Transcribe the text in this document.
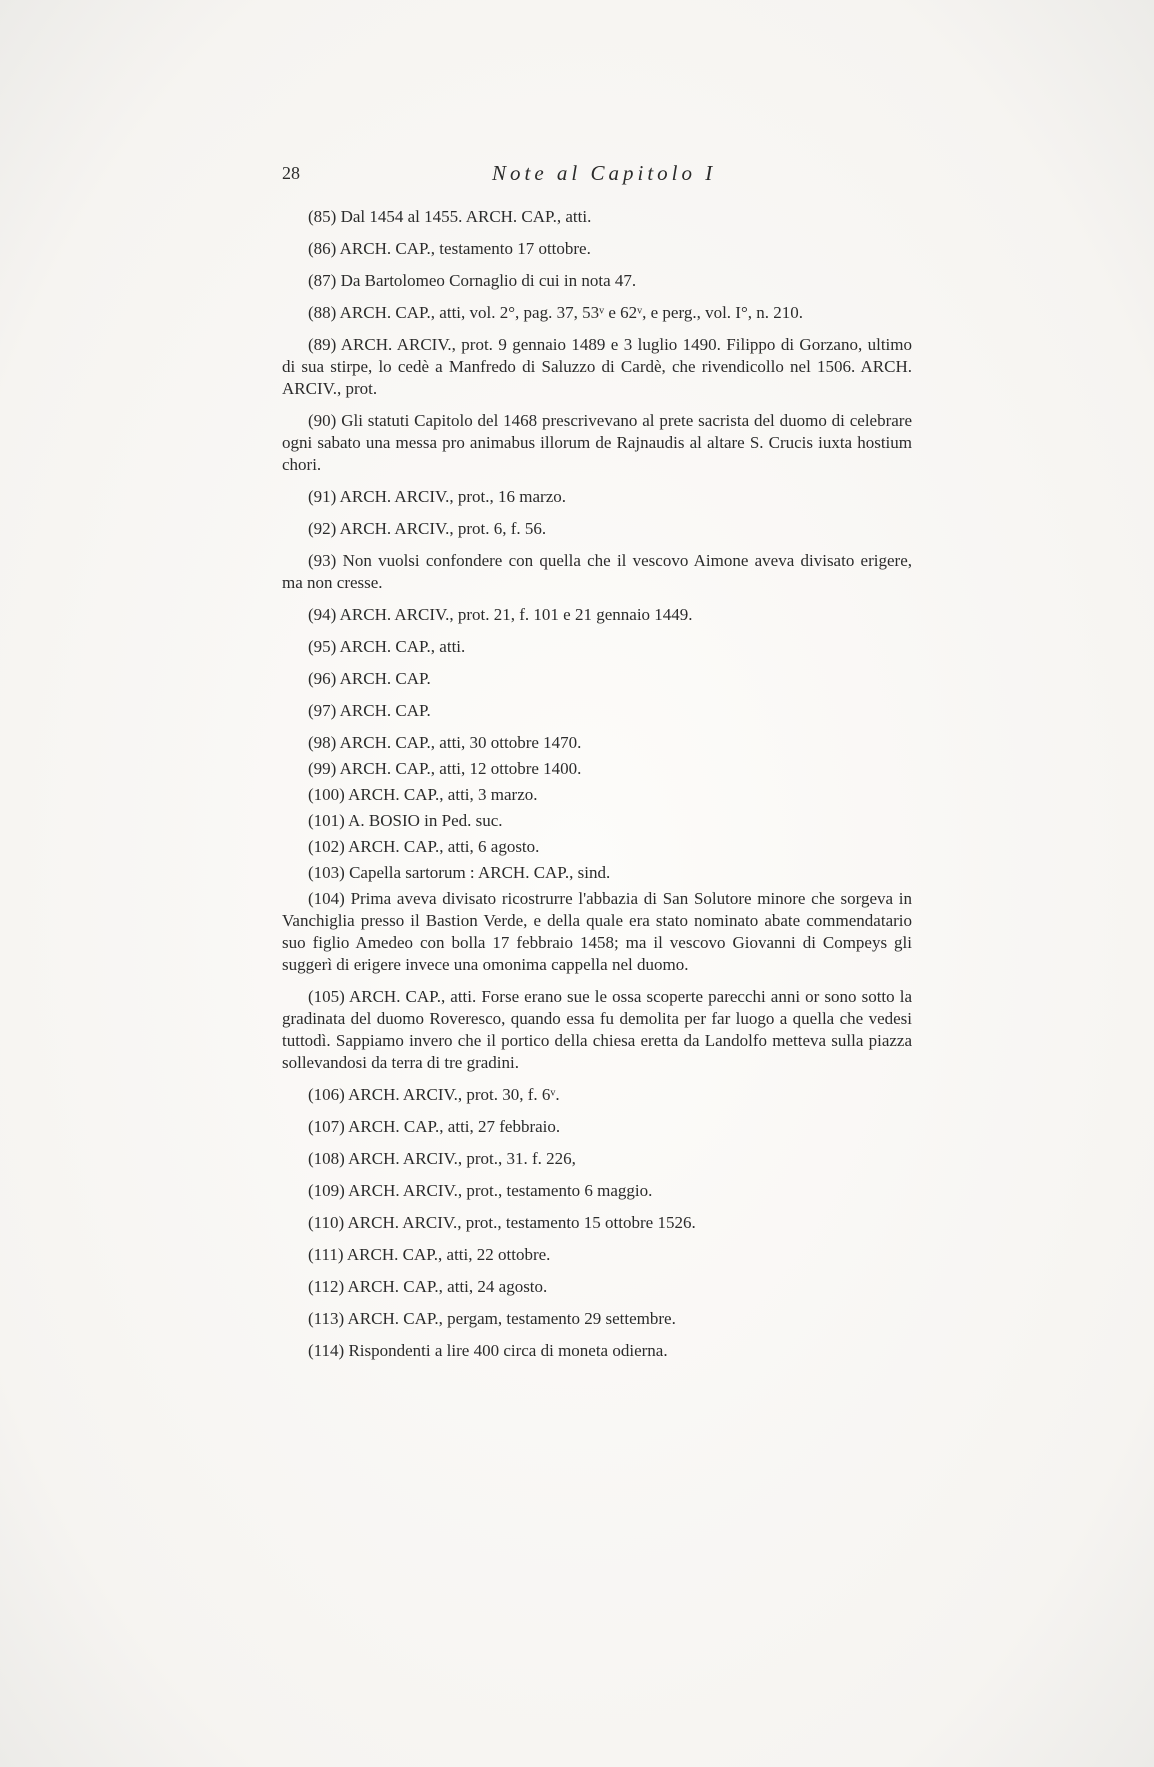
28	Note al Capitolo I

(85) Dal 1454 al 1455. ARCH. CAP., atti.

(86) ARCH. CAP., testamento 17 ottobre.

(87) Da Bartolomeo Cornaglio di cui in nota 47.

(88) ARCH. CAP., atti, vol. 2°, pag. 37, 53ᵛ e 62ᵛ, e perg., vol. I°, n. 210.

(89) ARCH. ARCIV., prot. 9 gennaio 1489 e 3 luglio 1490. Filippo di Gorzano, ultimo di sua stirpe, lo cedè a Manfredo di Saluzzo di Cardè, che rivendicollo nel 1506. ARCH. ARCIV., prot.

(90) Gli statuti Capitolo del 1468 prescrivevano al prete sacrista del duomo di celebrare ogni sabato una messa pro animabus illorum de Rajnaudis al altare S. Crucis iuxta hostium chori.

(91) ARCH. ARCIV., prot., 16 marzo.

(92) ARCH. ARCIV., prot. 6, f. 56.

(93) Non vuolsi confondere con quella che il vescovo Aimone aveva divisato erigere, ma non cresse.

(94) ARCH. ARCIV., prot. 21, f. 101 e 21 gennaio 1449.

(95) ARCH. CAP., atti.

(96) ARCH. CAP.

(97) ARCH. CAP.

(98) ARCH. CAP., atti, 30 ottobre 1470.

(99) ARCH. CAP., atti, 12 ottobre 1400.

(100) ARCH. CAP., atti, 3 marzo.

(101) A. BOSIO in Ped. suc.

(102) ARCH. CAP., atti, 6 agosto.

(103) Capella sartorum : ARCH. CAP., sind.

(104) Prima aveva divisato ricostrurre l'abbazia di San Solutore minore che sorgeva in Vanchiglia presso il Bastion Verde, e della quale era stato nominato abate commendatario suo figlio Amedeo con bolla 17 febbraio 1458; ma il vescovo Giovanni di Compeys gli suggerì di erigere invece una omonima cappella nel duomo.

(105) ARCH. CAP., atti. Forse erano sue le ossa scoperte parecchi anni or sono sotto la gradinata del duomo Roveresco, quando essa fu demolita per far luogo a quella che vedesi tuttodì. Sappiamo invero che il portico della chiesa eretta da Landolfo metteva sulla piazza sollevandosi da terra di tre gradini.

(106) ARCH. ARCIV., prot. 30, f. 6ᵛ.

(107) ARCH. CAP., atti, 27 febbraio.

(108) ARCH. ARCIV., prot., 31. f. 226,

(109) ARCH. ARCIV., prot., testamento 6 maggio.

(110) ARCH. ARCIV., prot., testamento 15 ottobre 1526.

(111) ARCH. CAP., atti, 22 ottobre.

(112) ARCH. CAP., atti, 24 agosto.

(113) ARCH. CAP., pergam, testamento 29 settembre.

(114) Rispondenti a lire 400 circa di moneta odierna.
